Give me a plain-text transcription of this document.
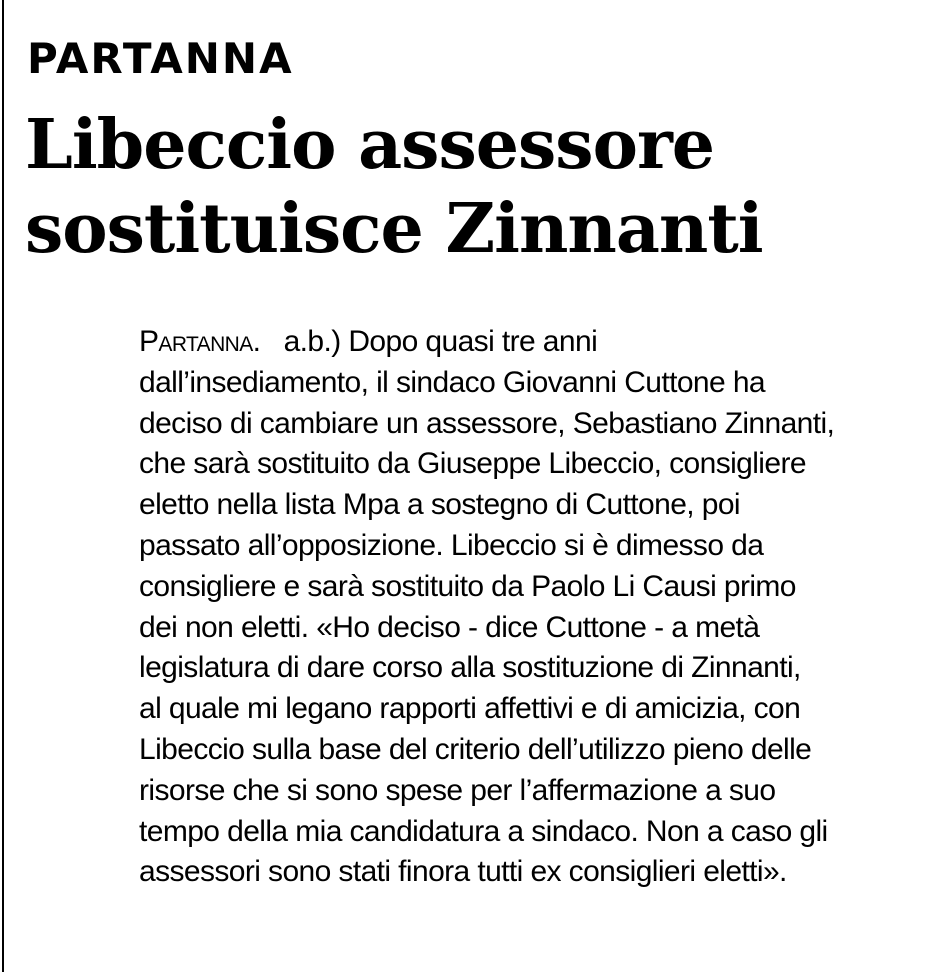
PARTANNA
Libeccio assessore
sostituisce Zinnanti
Partanna. a.b.) Dopo quasi tre anni
dall’insediamento, il sindaco Giovanni Cuttone ha
deciso di cambiare un assessore, Sebastiano Zinnanti,
che sarà sostituito da Giuseppe Libeccio, consigliere
eletto nella lista Mpa a sostegno di Cuttone, poi
passato all’opposizione. Libeccio si è dimesso da
consigliere e sarà sostituito da Paolo Li Causi primo
dei non eletti. «Ho deciso - dice Cuttone - a metà
legislatura di dare corso alla sostituzione di Zinnanti,
al quale mi legano rapporti affettivi e di amicizia, con
Libeccio sulla base del criterio dell’utilizzo pieno delle
risorse che si sono spese per l’affermazione a suo
tempo della mia candidatura a sindaco. Non a caso gli
assessori sono stati finora tutti ex consiglieri eletti».
